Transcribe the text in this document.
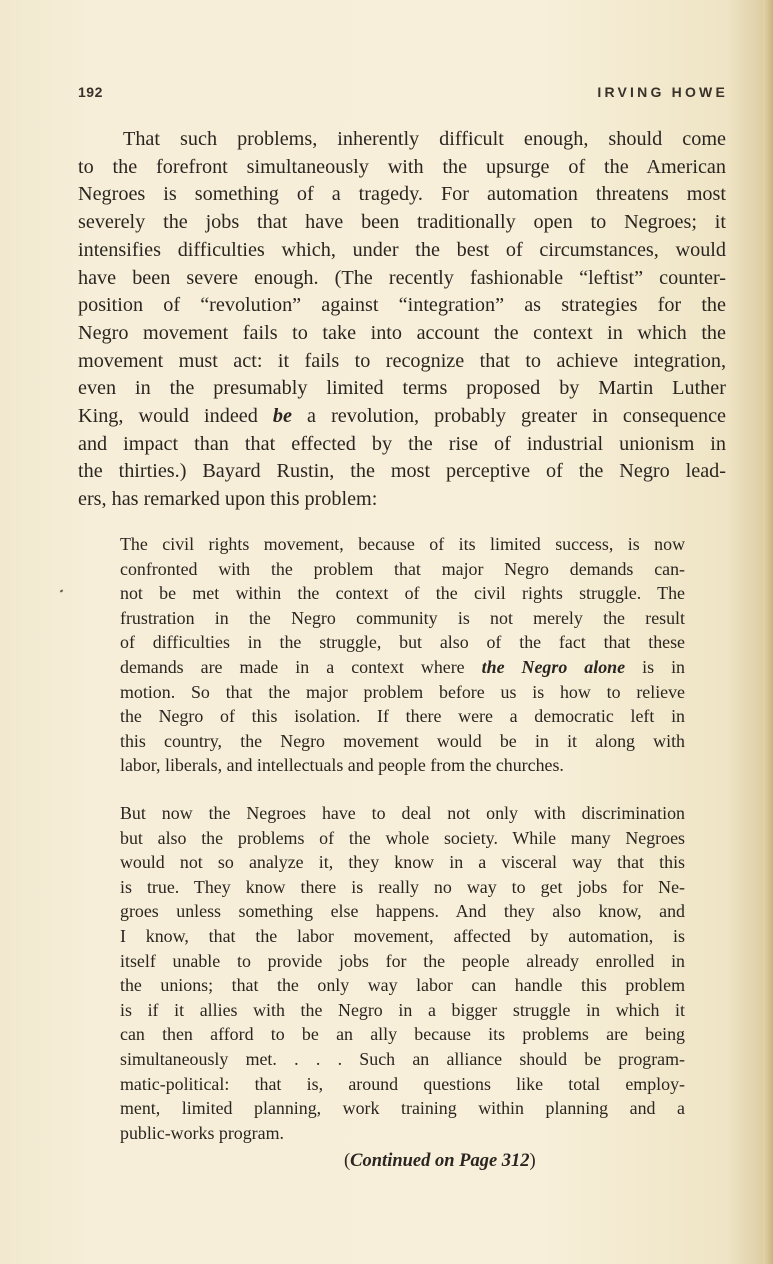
192	IRVING HOWE

That such problems, inherently difficult enough, should come
to the forefront simultaneously with the upsurge of the American
Negroes is something of a tragedy. For automation threatens most
severely the jobs that have been traditionally open to Negroes; it
intensifies difficulties which, under the best of circumstances, would
have been severe enough. (The recently fashionable “leftist” counter-
position of “revolution” against “integration” as strategies for the
Negro movement fails to take into account the context in which the
movement must act: it fails to recognize that to achieve integration,
even in the presumably limited terms proposed by Martin Luther
King, would indeed be a revolution, probably greater in consequence
and impact than that effected by the rise of industrial unionism in
the thirties.) Bayard Rustin, the most perceptive of the Negro lead-
ers, has remarked upon this problem:

The civil rights movement, because of its limited success, is now
confronted with the problem that major Negro demands can-
not be met within the context of the civil rights struggle. The
frustration in the Negro community is not merely the result
of difficulties in the struggle, but also of the fact that these
demands are made in a context where the Negro alone is in
motion. So that the major problem before us is how to relieve
the Negro of this isolation. If there were a democratic left in
this country, the Negro movement would be in it along with
labor, liberals, and intellectuals and people from the churches.

But now the Negroes have to deal not only with discrimination
but also the problems of the whole society. While many Negroes
would not so analyze it, they know in a visceral way that this
is true. They know there is really no way to get jobs for Ne-
groes unless something else happens. And they also know, and
I know, that the labor movement, affected by automation, is
itself unable to provide jobs for the people already enrolled in
the unions; that the only way labor can handle this problem
is if it allies with the Negro in a bigger struggle in which it
can then afford to be an ally because its problems are being
simultaneously met. . . . Such an alliance should be program-
matic-political: that is, around questions like total employ-
ment, limited planning, work training within planning and a
public-works program.

(Continued on Page 312)
